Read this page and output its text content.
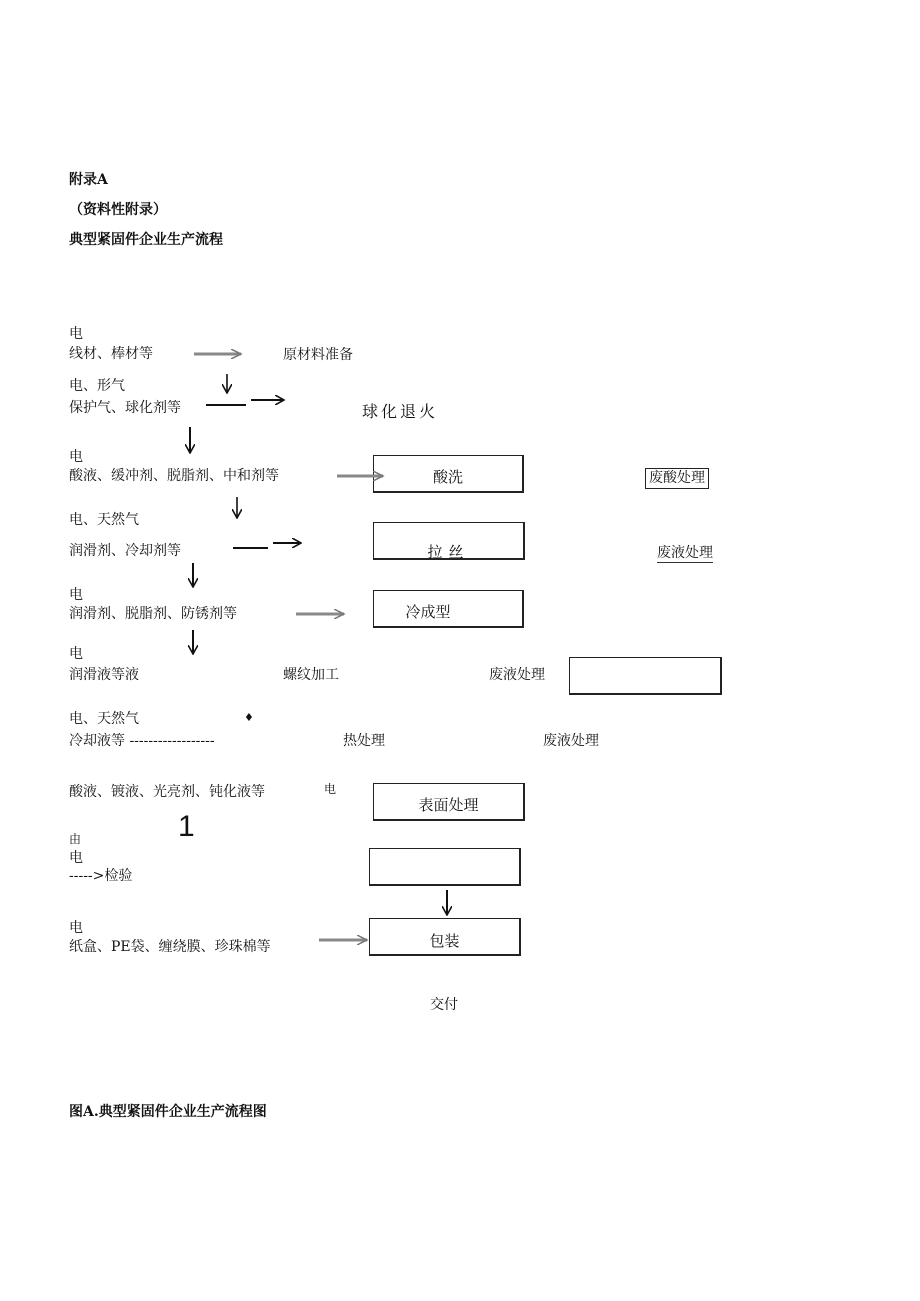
附录A
（资料性附录）
典型紧固件企业生产流程
电
线材、棒材等
电、形气
保护气、球化剂等
电
酸液、缓冲剂、脱脂剂、中和剂等
电、天然气
润滑剂、冷却剂等
电
润滑剂、脱脂剂、防锈剂等
电
润滑液等液
电、天然气	♦
冷却液等 ------------------
酸液、镀液、光亮剂、钝化液等	电
由	1
电
----->检验
电
纸盒、PE袋、缠绕膜、珍珠棉等
原材料准备
球化退火
酸洗
拉丝
冷成型
螺纹加工
热处理
表面处理
包装
交付
废酸处理
废液处理
废液处理
废液处理
图A.典型紧固件企业生产流程图
